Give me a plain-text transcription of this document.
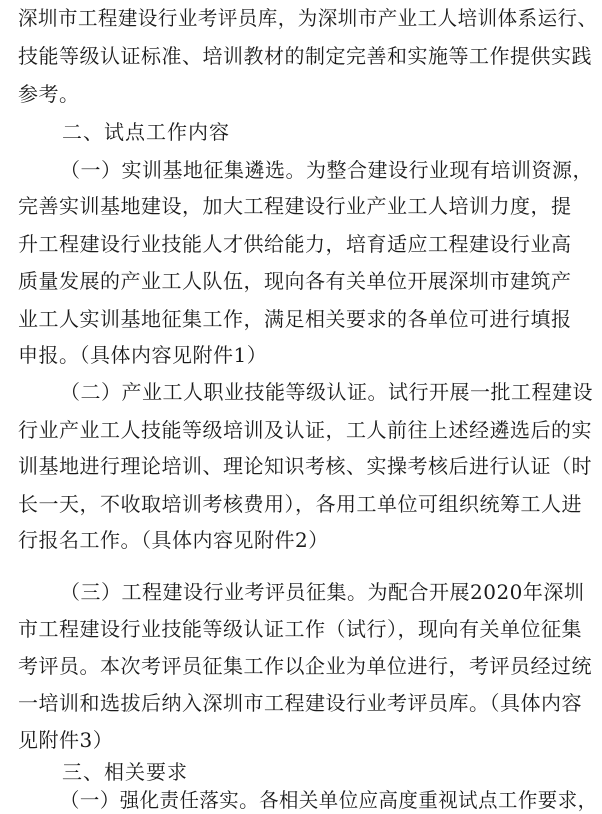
深圳市工程建设行业考评员库，为深圳市产业工人培训体系运行、
技能等级认证标准、培训教材的制定完善和实施等工作提供实践
参考。
二、试点工作内容
（一）实训基地征集遴选。为整合建设行业现有培训资源，
完善实训基地建设，加大工程建设行业产业工人培训力度，提
升工程建设行业技能人才供给能力，培育适应工程建设行业高
质量发展的产业工人队伍，现向各有关单位开展深圳市建筑产
业工人实训基地征集工作，满足相关要求的各单位可进行填报
申报。（具体内容见附件1）
（二）产业工人职业技能等级认证。试行开展一批工程建设
行业产业工人技能等级培训及认证，工人前往上述经遴选后的实
训基地进行理论培训、理论知识考核、实操考核后进行认证（时
长一天，不收取培训考核费用），各用工单位可组织统筹工人进
行报名工作。（具体内容见附件2）
（三）工程建设行业考评员征集。为配合开展2020年深圳
市工程建设行业技能等级认证工作（试行），现向有关单位征集
考评员。本次考评员征集工作以企业为单位进行，考评员经过统
一培训和选拔后纳入深圳市工程建设行业考评员库。（具体内容
见附件3）
三、相关要求
（一）强化责任落实。各相关单位应高度重视试点工作要求，
